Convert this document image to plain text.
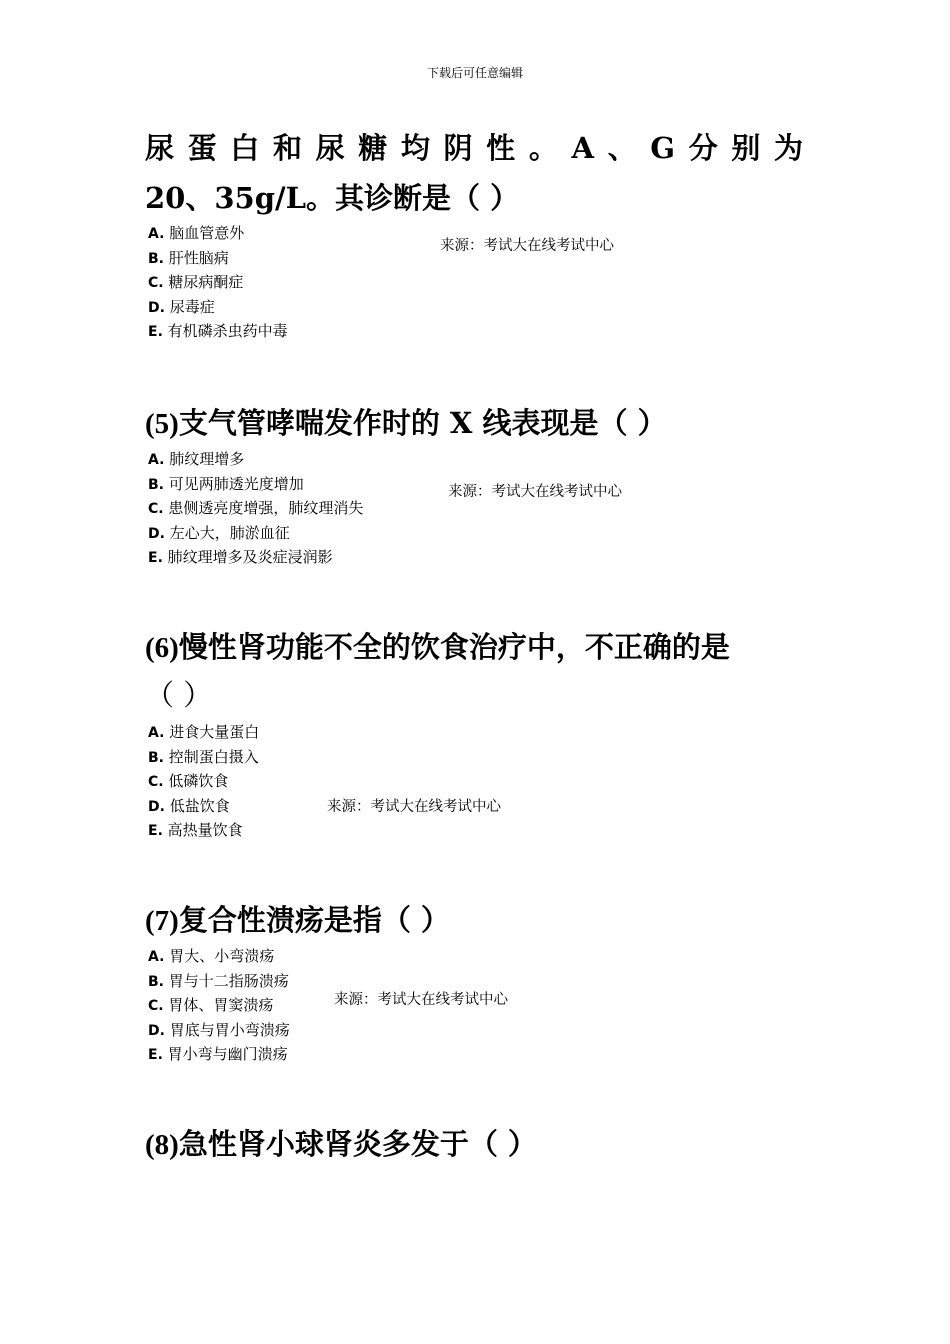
下载后可任意编辑

尿蛋白和尿糖均阴性。A、G分别为

20、35g/L。其诊断是（ ）

A. 脑血管意外
B. 肝性脑病
C. 糖尿病酮症
D. 尿毒症
E. 有机磷杀虫药中毒
来源：考试大在线考试中心

(5)支气管哮喘发作时的 X 线表现是（ ）

A. 肺纹理增多
B. 可见两肺透光度增加
C. 患侧透亮度增强，肺纹理消失
D. 左心大，肺淤血征
E. 肺纹理增多及炎症浸润影
来源：考试大在线考试中心

(6)慢性肾功能不全的饮食治疗中，不正确的是

（ ）

A. 进食大量蛋白
B. 控制蛋白摄入
C. 低磷饮食
D. 低盐饮食
E. 高热量饮食
来源：考试大在线考试中心

(7)复合性溃疡是指（ ）

A. 胃大、小弯溃疡
B. 胃与十二指肠溃疡
C. 胃体、胃窦溃疡
D. 胃底与胃小弯溃疡
E. 胃小弯与幽门溃疡
来源：考试大在线考试中心

(8)急性肾小球肾炎多发于（ ）
